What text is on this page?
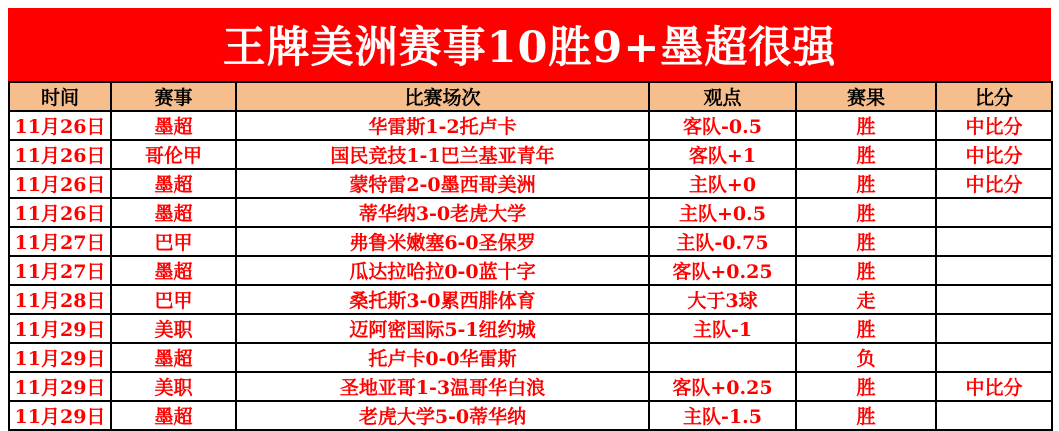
王牌美洲赛事10胜9+墨超很强
时间	赛事	比赛场次	观点	赛果	比分
11月26日	墨超	华雷斯1-2托卢卡	客队-0.5	胜	中比分
11月26日	哥伦甲	国民竞技1-1巴兰基亚青年	客队+1	胜	中比分
11月26日	墨超	蒙特雷2-0墨西哥美洲	主队+0	胜	中比分
11月26日	墨超	蒂华纳3-0老虎大学	主队+0.5	胜	
11月27日	巴甲	弗鲁米嫩塞6-0圣保罗	主队-0.75	胜	
11月27日	墨超	瓜达拉哈拉0-0蓝十字	客队+0.25	胜	
11月28日	巴甲	桑托斯3-0累西腓体育	大于3球	走	
11月29日	美职	迈阿密国际5-1纽约城	主队-1	胜	
11月29日	墨超	托卢卡0-0华雷斯		负	
11月29日	美职	圣地亚哥1-3温哥华白浪	客队+0.25	胜	中比分
11月29日	墨超	老虎大学5-0蒂华纳	主队-1.5	胜	
